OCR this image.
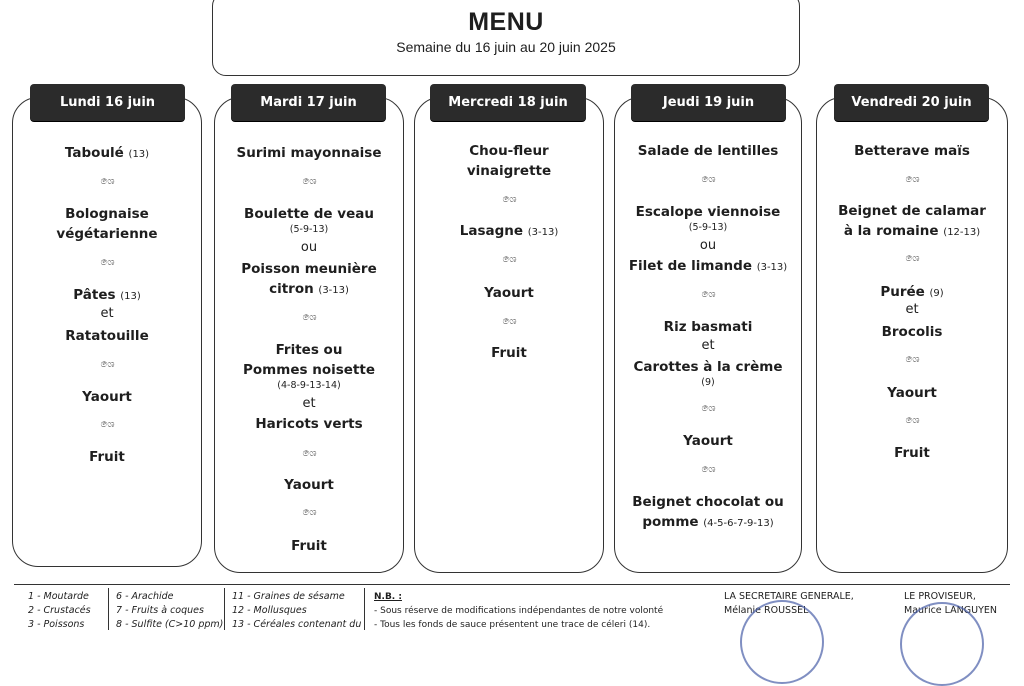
MENU
Semaine du 16 juin au 20 juin 2025
Lundi 16 juin
Taboulé (13)
ශෙ
Bolognaise
végétarienne
ශෙ
Pâtes (13)
et
Ratatouille
ශෙ
Yaourt
ශෙ
Fruit
Mardi 17 juin
Surimi mayonnaise
ශෙ
Boulette de veau
(5-9-13)
ou
Poisson meunière
citron (3-13)
ශෙ
Frites ou
Pommes noisette
(4-8-9-13-14)
et
Haricots verts
ශෙ
Yaourt
ශෙ
Fruit
Mercredi 18 juin
Chou-fleur
vinaigrette
ශෙ
Lasagne (3-13)
ශෙ
Yaourt
ශෙ
Fruit
Jeudi 19 juin
Salade de lentilles
ශෙ
Escalope viennoise
(5-9-13)
ou
Filet de limande (3-13)
ශෙ
Riz basmati
et
Carottes à la crème
(9)
ශෙ
Yaourt
ශෙ
Beignet chocolat ou
pomme (4-5-6-7-9-13)
Vendredi 20 juin
Betterave maïs
ශෙ
Beignet de calamar
à la romaine (12-13)
ශෙ
Purée (9)
et
Brocolis
ශෙ
Yaourt
ශෙ
Fruit
1 - Moutarde
2 - Crustacés
3 - Poissons
6 - Arachide
7 - Fruits à coques
8 - Sulfite (C>10 ppm)
11 - Graines de sésame
12 - Mollusques
13 - Céréales contenant du
N.B. :
- Sous réserve de modifications indépendantes de notre volonté
- Tous les fonds de sauce présentent une trace de céleri (14).
LA SECRETAIRE GENERALE,
Mélanie ROUSSEL
LE PROVISEUR,
Maurice LANGUYEN
